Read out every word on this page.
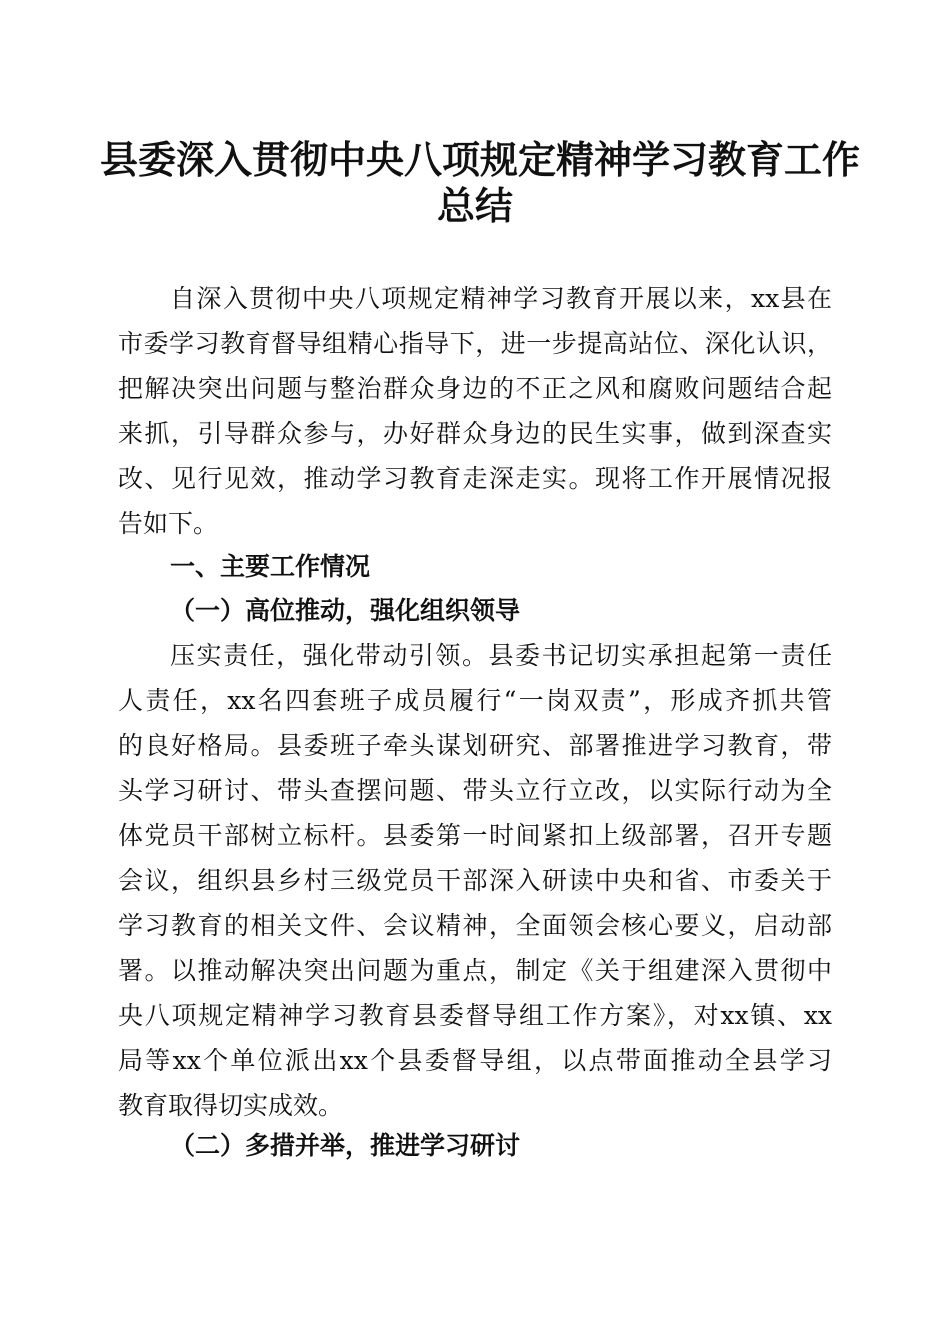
县委深入贯彻中央八项规定精神学习教育工作
总结
自深入贯彻中央八项规定精神学习教育开展以来，xx县在
市委学习教育督导组精心指导下，进一步提高站位、深化认识，
把解决突出问题与整治群众身边的不正之风和腐败问题结合起
来抓，引导群众参与，办好群众身边的民生实事，做到深查实
改、见行见效，推动学习教育走深走实。现将工作开展情况报
告如下。
一、主要工作情况
（一）高位推动，强化组织领导
压实责任，强化带动引领。县委书记切实承担起第一责任
人责任，xx名四套班子成员履行“一岗双责”，形成齐抓共管
的良好格局。县委班子牵头谋划研究、部署推进学习教育，带
头学习研讨、带头查摆问题、带头立行立改，以实际行动为全
体党员干部树立标杆。县委第一时间紧扣上级部署，召开专题
会议，组织县乡村三级党员干部深入研读中央和省、市委关于
学习教育的相关文件、会议精神，全面领会核心要义，启动部
署。以推动解决突出问题为重点，制定《关于组建深入贯彻中
央八项规定精神学习教育县委督导组工作方案》，对xx镇、xx
局等xx个单位派出xx个县委督导组，以点带面推动全县学习
教育取得切实成效。
（二）多措并举，推进学习研讨
